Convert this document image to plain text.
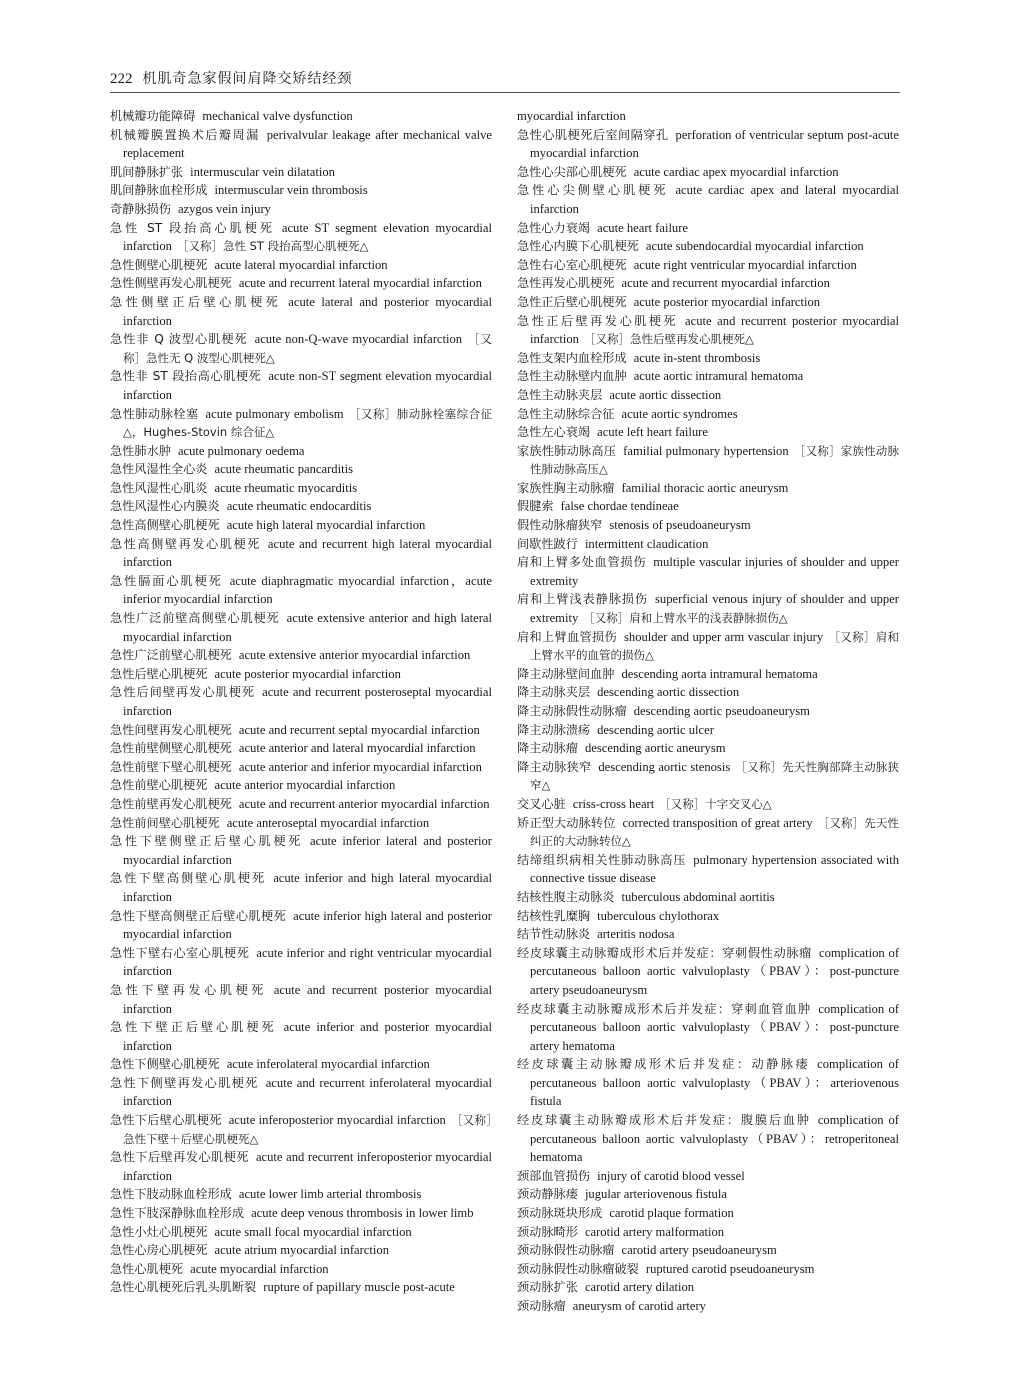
222 机肌奇急家假间肩降交矫结经颈

机械瓣功能障碍 mechanical valve dysfunction

机械瓣膜置换术后瓣周漏 perivalvular leakage after mechanical valve replacement

肌间静脉扩张 intermuscular vein dilatation

肌间静脉血栓形成 intermuscular vein thrombosis

奇静脉损伤 azygos vein injury

急性 ST 段抬高心肌梗死 acute ST segment elevation myocardial infarction ［又称］急性 ST 段抬高型心肌梗死△

急性侧壁心肌梗死 acute lateral myocardial infarction

急性侧壁再发心肌梗死 acute and recurrent lateral myocardial infarction

急性侧壁正后壁心肌梗死 acute lateral and posterior myocardial infarction

急性非 Q 波型心肌梗死 acute non-Q-wave myocardial infarction ［又称］急性无 Q 波型心肌梗死△

急性非 ST 段抬高心肌梗死 acute non-ST segment elevation myocardial infarction

急性肺动脉栓塞 acute pulmonary embolism ［又称］肺动脉栓塞综合征△，Hughes-Stovin 综合征△

急性肺水肿 acute pulmonary oedema

急性风湿性全心炎 acute rheumatic pancarditis

急性风湿性心肌炎 acute rheumatic myocarditis

急性风湿性心内膜炎 acute rheumatic endocarditis

急性高侧壁心肌梗死 acute high lateral myocardial infarction

急性高侧壁再发心肌梗死 acute and recurrent high lateral myocardial infarction

急性膈面心肌梗死 acute diaphragmatic myocardial infarction，acute inferior myocardial infarction

急性广泛前壁高侧壁心肌梗死 acute extensive anterior and high lateral myocardial infarction

急性广泛前壁心肌梗死 acute extensive anterior myocardial infarction

急性后壁心肌梗死 acute posterior myocardial infarction

急性后间壁再发心肌梗死 acute and recurrent posteroseptal myocardial infarction

急性间壁再发心肌梗死 acute and recurrent septal myocardial infarction

急性前壁侧壁心肌梗死 acute anterior and lateral myocardial infarction

急性前壁下壁心肌梗死 acute anterior and inferior myocardial infarction

急性前壁心肌梗死 acute anterior myocardial infarction

急性前壁再发心肌梗死 acute and recurrent anterior myocardial infarction

急性前间壁心肌梗死 acute anteroseptal myocardial infarction

急性下壁侧壁正后壁心肌梗死 acute inferior lateral and posterior myocardial infarction

急性下壁高侧壁心肌梗死 acute inferior and high lateral myocardial infarction

急性下壁高侧壁正后壁心肌梗死 acute inferior high lateral and posterior myocardial infarction

急性下壁右心室心肌梗死 acute inferior and right ventricular myocardial infarction

急性下壁再发心肌梗死 acute and recurrent posterior myocardial infarction

急性下壁正后壁心肌梗死 acute inferior and posterior myocardial infarction

急性下侧壁心肌梗死 acute inferolateral myocardial infarction

急性下侧壁再发心肌梗死 acute and recurrent inferolateral myocardial infarction

急性下后壁心肌梗死 acute inferoposterior myocardial infarction ［又称］急性下壁＋后壁心肌梗死△

急性下后壁再发心肌梗死 acute and recurrent inferoposterior myocardial infarction

急性下肢动脉血栓形成 acute lower limb arterial thrombosis

急性下肢深静脉血栓形成 acute deep venous thrombosis in lower limb

急性小灶心肌梗死 acute small focal myocardial infarction

急性心房心肌梗死 acute atrium myocardial infarction

急性心肌梗死 acute myocardial infarction

急性心肌梗死后乳头肌断裂 rupture of papillary muscle post-acute

myocardial infarction

急性心肌梗死后室间隔穿孔 perforation of ventricular septum post-acute myocardial infarction

急性心尖部心肌梗死 acute cardiac apex myocardial infarction

急性心尖侧壁心肌梗死 acute cardiac apex and lateral myocardial infarction

急性心力衰竭 acute heart failure

急性心内膜下心肌梗死 acute subendocardial myocardial infarction

急性右心室心肌梗死 acute right ventricular myocardial infarction

急性再发心肌梗死 acute and recurrent myocardial infarction

急性正后壁心肌梗死 acute posterior myocardial infarction

急性正后壁再发心肌梗死 acute and recurrent posterior myocardial infarction ［又称］急性后壁再发心肌梗死△

急性支架内血栓形成 acute in-stent thrombosis

急性主动脉壁内血肿 acute aortic intramural hematoma

急性主动脉夹层 acute aortic dissection

急性主动脉综合征 acute aortic syndromes

急性左心衰竭 acute left heart failure

家族性肺动脉高压 familial pulmonary hypertension ［又称］家族性动脉性肺动脉高压△

家族性胸主动脉瘤 familial thoracic aortic aneurysm

假腱索 false chordae tendineae

假性动脉瘤狭窄 stenosis of pseudoaneurysm

间歇性跛行 intermittent claudication

肩和上臂多处血管损伤 multiple vascular injuries of shoulder and upper extremity

肩和上臂浅表静脉损伤 superficial venous injury of shoulder and upper extremity ［又称］肩和上臂水平的浅表静脉损伤△

肩和上臂血管损伤 shoulder and upper arm vascular injury ［又称］肩和上臂水平的血管的损伤△

降主动脉壁间血肿 descending aorta intramural hematoma

降主动脉夹层 descending aortic dissection

降主动脉假性动脉瘤 descending aortic pseudoaneurysm

降主动脉溃疡 descending aortic ulcer

降主动脉瘤 descending aortic aneurysm

降主动脉狭窄 descending aortic stenosis ［又称］先天性胸部降主动脉狭窄△

交叉心脏 criss-cross heart ［又称］十字交叉心△

矫正型大动脉转位 corrected transposition of great artery ［又称］先天性纠正的大动脉转位△

结缔组织病相关性肺动脉高压 pulmonary hypertension associated with connective tissue disease

结核性腹主动脉炎 tuberculous abdominal aortitis

结核性乳糜胸 tuberculous chylothorax

结节性动脉炎 arteritis nodosa

经皮球囊主动脉瓣成形术后并发症：穿刺假性动脉瘤 complication of percutaneous balloon aortic valvuloplasty（PBAV）：post-puncture artery pseudoaneurysm

经皮球囊主动脉瓣成形术后并发症：穿刺血管血肿 complication of percutaneous balloon aortic valvuloplasty（PBAV）：post-puncture artery hematoma

经皮球囊主动脉瓣成形术后并发症：动静脉瘘 complication of percutaneous balloon aortic valvuloplasty（PBAV）：arteriovenous fistula

经皮球囊主动脉瓣成形术后并发症：腹膜后血肿 complication of percutaneous balloon aortic valvuloplasty（PBAV）：retroperitoneal hematoma

颈部血管损伤 injury of carotid blood vessel

颈动静脉瘘 jugular arteriovenous fistula

颈动脉斑块形成 carotid plaque formation

颈动脉畸形 carotid artery malformation

颈动脉假性动脉瘤 carotid artery pseudoaneurysm

颈动脉假性动脉瘤破裂 ruptured carotid pseudoaneurysm

颈动脉扩张 carotid artery dilation

颈动脉瘤 aneurysm of carotid artery
